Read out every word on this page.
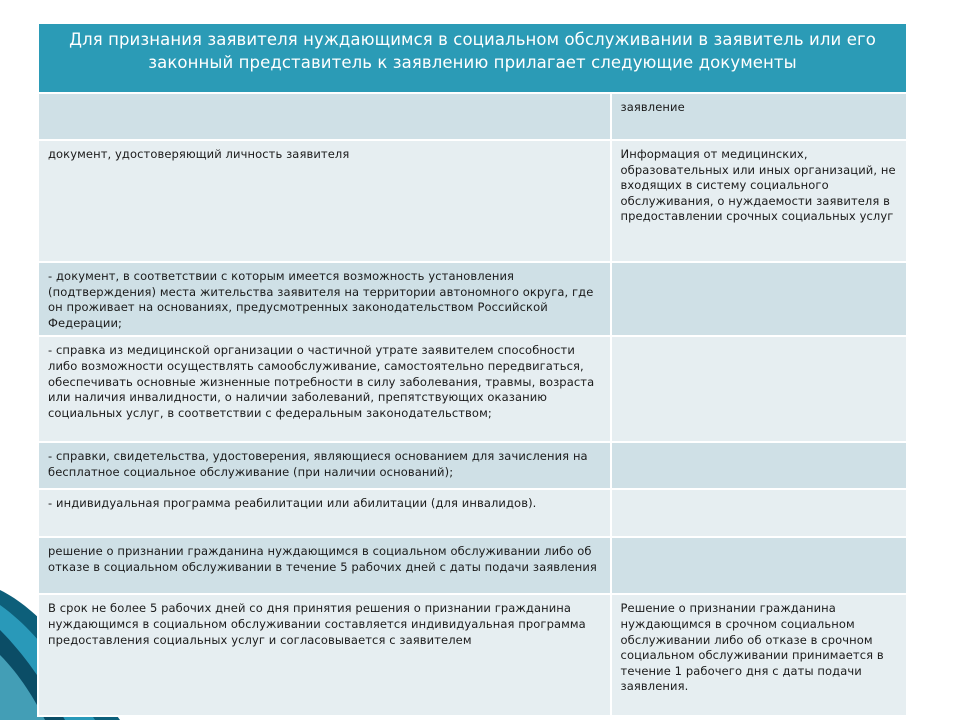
Для признания заявителя нуждающимся в социальном обслуживании в заявитель или его законный представитель к заявлению прилагает следующие документы	
	заявление
документ, удостоверяющий личность заявителя	Информация от медицинских, образовательных или иных организаций, не входящих в систему социального обслуживания, о нуждаемости заявителя в предоставлении срочных социальных услуг
- документ, в соответствии с которым имеется возможность установления (подтверждения) места жительства заявителя на территории автономного округа, где он проживает на основаниях, предусмотренных законодательством Российской Федерации;	
- справка из медицинской организации о частичной утрате заявителем способности либо возможности осуществлять самообслуживание, самостоятельно передвигаться, обеспечивать основные жизненные потребности в силу заболевания, травмы, возраста или наличия инвалидности, о наличии заболеваний, препятствующих оказанию социальных услуг, в соответствии с федеральным законодательством;	
- справки, свидетельства, удостоверения, являющиеся основанием для зачисления на бесплатное социальное обслуживание (при наличии оснований);	
- индивидуальная программа реабилитации или абилитации (для инвалидов).	
решение о признании гражданина нуждающимся в социальном обслуживании либо об отказе в социальном обслуживании в течение 5 рабочих дней с даты подачи заявления	
В срок не более 5 рабочих дней со дня принятия решения о признании гражданина нуждающимся в социальном обслуживании составляется индивидуальная программа предоставления социальных услуг и согласовывается с заявителем	Решение о признании гражданина нуждающимся в срочном социальном обслуживании либо об отказе в срочном социальном обслуживании принимается в течение 1 рабочего дня с даты подачи заявления.
